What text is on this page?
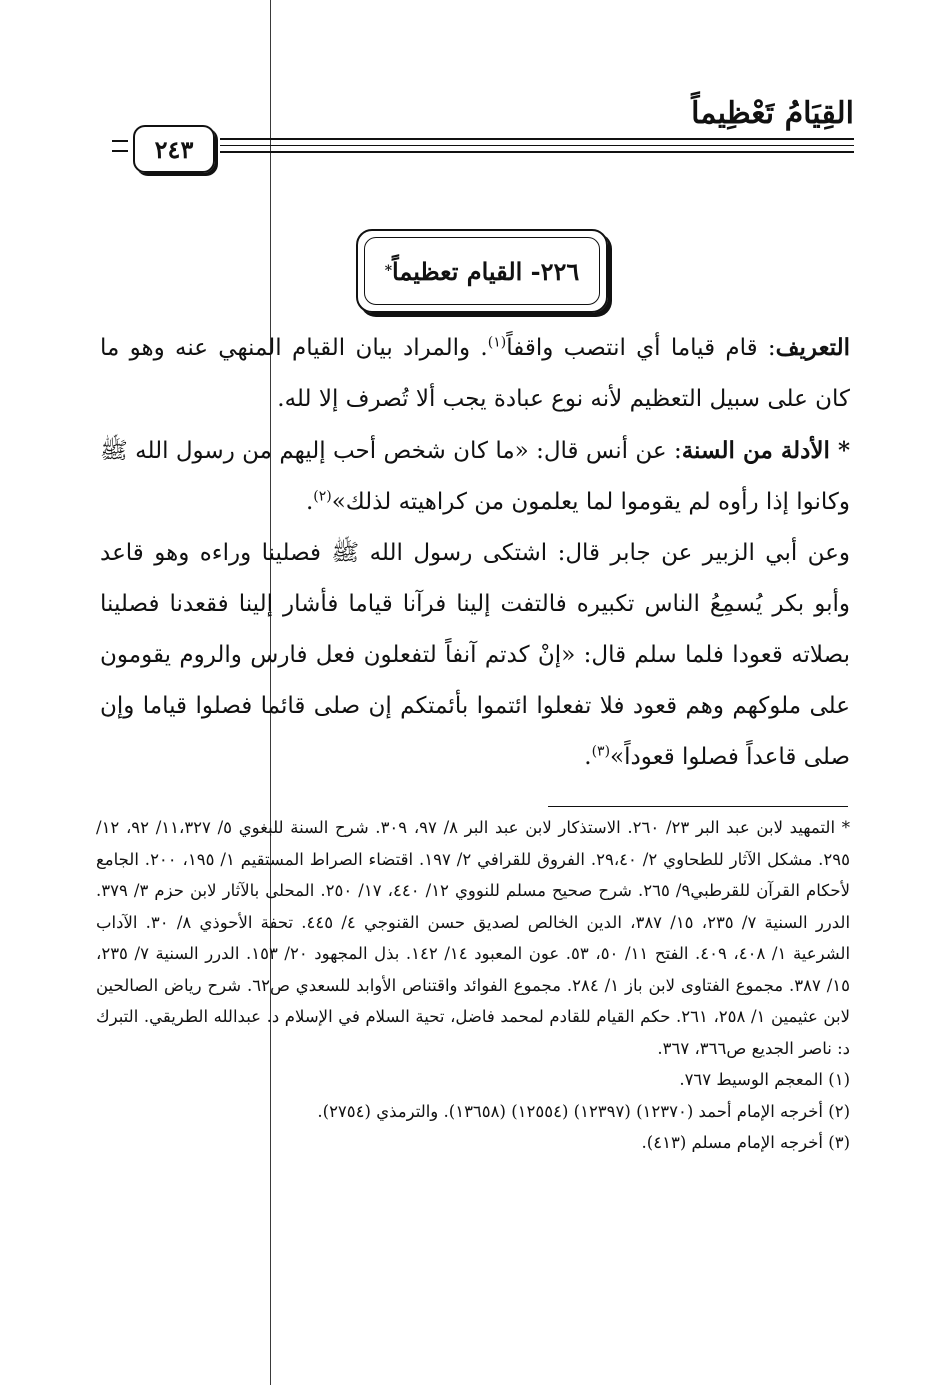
القِيَامُ تَعْظِيماً
٢٤٣
٢٢٦- القيام تعظيماً
*

التعريف: قام قياما أي انتصب واقفاً$^{(١)}$. والمراد بيان القيام المنهي عنه وهو ما كان على سبيل التعظيم لأنه نوع عبادة يجب ألا تُصرف إلا لله.

* الأدلة من السنة: عن أنس قال: «ما كان شخص أحب إليهم من رسول الله ﷺ وكانوا إذا رأوه لم يقوموا لما يعلمون من كراهيته لذلك»$^{(٢)}$.

وعن أبي الزبير عن جابر قال: اشتكى رسول الله ﷺ فصلينا وراءه وهو قاعد وأبو بكر يُسمِعُ الناس تكبيره فالتفت إلينا فرآنا قياما فأشار إلينا فقعدنا فصلينا بصلاته قعودا فلما سلم قال: «إنْ كدتم آنفاً لتفعلون فعل فارس والروم يقومون على ملوكهم وهم قعود فلا تفعلوا ائتموا بأئمتكم إن صلى قائما فصلوا قياما وإن صلى قاعداً فصلوا قعوداً»$^{(٣)}$.

* التمهيد لابن عبد البر ٢٣/ ٢٦٠. الاستذكار لابن عبد البر ٨/ ٩٧، ٣٠٩. شرح السنة للبغوي ٥/ ١١،٣٢٧/ ٩٢، ١٢/ ٢٩٥. مشكل الآثار للطحاوي ٢/ ٢٩،٤٠. الفروق للقرافي ٢/ ١٩٧. اقتضاء الصراط المستقيم ١/ ١٩٥، ٢٠٠. الجامع لأحكام القرآن للقرطبي٩/ ٢٦٥. شرح صحيح مسلم للنووي ١٢/ ٤٤٠، ١٧/ ٢٥٠. المحلى بالآثار لابن حزم ٣/ ٣٧٩. الدرر السنية ٧/ ٢٣٥، ١٥/ ٣٨٧، الدين الخالص لصديق حسن القنوجي ٤/ ٤٤٥. تحفة الأحوذي ٨/ ٣٠. الآداب الشرعية ١/ ٤٠٨، ٤٠٩. الفتح ١١/ ٥٠، ٥٣. عون المعبود ١٤/ ١٤٢. بذل المجهود ٢٠/ ١٥٣. الدرر السنية ٧/ ٢٣٥، ١٥/ ٣٨٧. مجموع الفتاوى لابن باز ١/ ٢٨٤. مجموع الفوائد واقتناص الأوابد للسعدي ص٦٢. شرح رياض الصالحين لابن عثيمين ١/ ٢٥٨، ٢٦١. حكم القيام للقادم لمحمد فاضل، تحية السلام في الإسلام د. عبدالله الطريقي. التبرك د: ناصر الجديع ص٣٦٦، ٣٦٧.

(١) المعجم الوسيط ٧٦٧.

(٢) أخرجه الإمام أحمد (١٢٣٧٠) (١٢٣٩٧) (١٢٥٥٤) (١٣٦٥٨). والترمذي (٢٧٥٤).

(٣) أخرجه الإمام مسلم (٤١٣).
